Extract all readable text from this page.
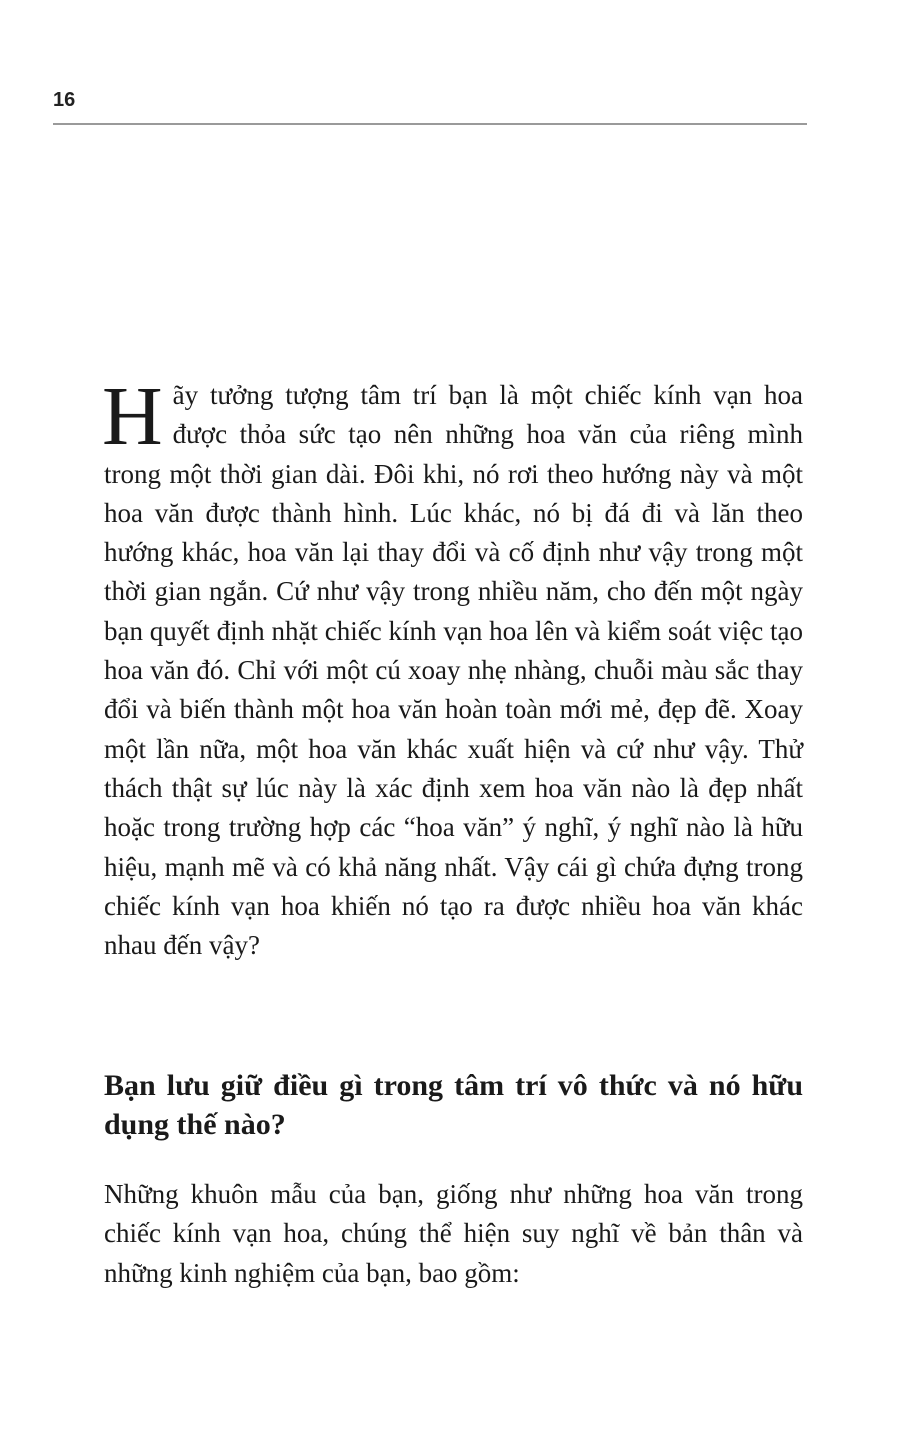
16

Hãy tưởng tượng tâm trí bạn là một chiếc kính vạn hoa được thỏa sức tạo nên những hoa văn của riêng mình trong một thời gian dài. Đôi khi, nó rơi theo hướng này và một hoa văn được thành hình. Lúc khác, nó bị đá đi và lăn theo hướng khác, hoa văn lại thay đổi và cố định như vậy trong một thời gian ngắn. Cứ như vậy trong nhiều năm, cho đến một ngày bạn quyết định nhặt chiếc kính vạn hoa lên và kiểm soát việc tạo hoa văn đó. Chỉ với một cú xoay nhẹ nhàng, chuỗi màu sắc thay đổi và biến thành một hoa văn hoàn toàn mới mẻ, đẹp đẽ. Xoay một lần nữa, một hoa văn khác xuất hiện và cứ như vậy. Thử thách thật sự lúc này là xác định xem hoa văn nào là đẹp nhất hoặc trong trường hợp các “hoa văn” ý nghĩ, ý nghĩ nào là hữu hiệu, mạnh mẽ và có khả năng nhất. Vậy cái gì chứa đựng trong chiếc kính vạn hoa khiến nó tạo ra được nhiều hoa văn khác nhau đến vậy?

Bạn lưu giữ điều gì trong tâm trí vô thức và nó hữu dụng thế nào?

Những khuôn mẫu của bạn, giống như những hoa văn trong chiếc kính vạn hoa, chúng thể hiện suy nghĩ về bản thân và những kinh nghiệm của bạn, bao gồm:
